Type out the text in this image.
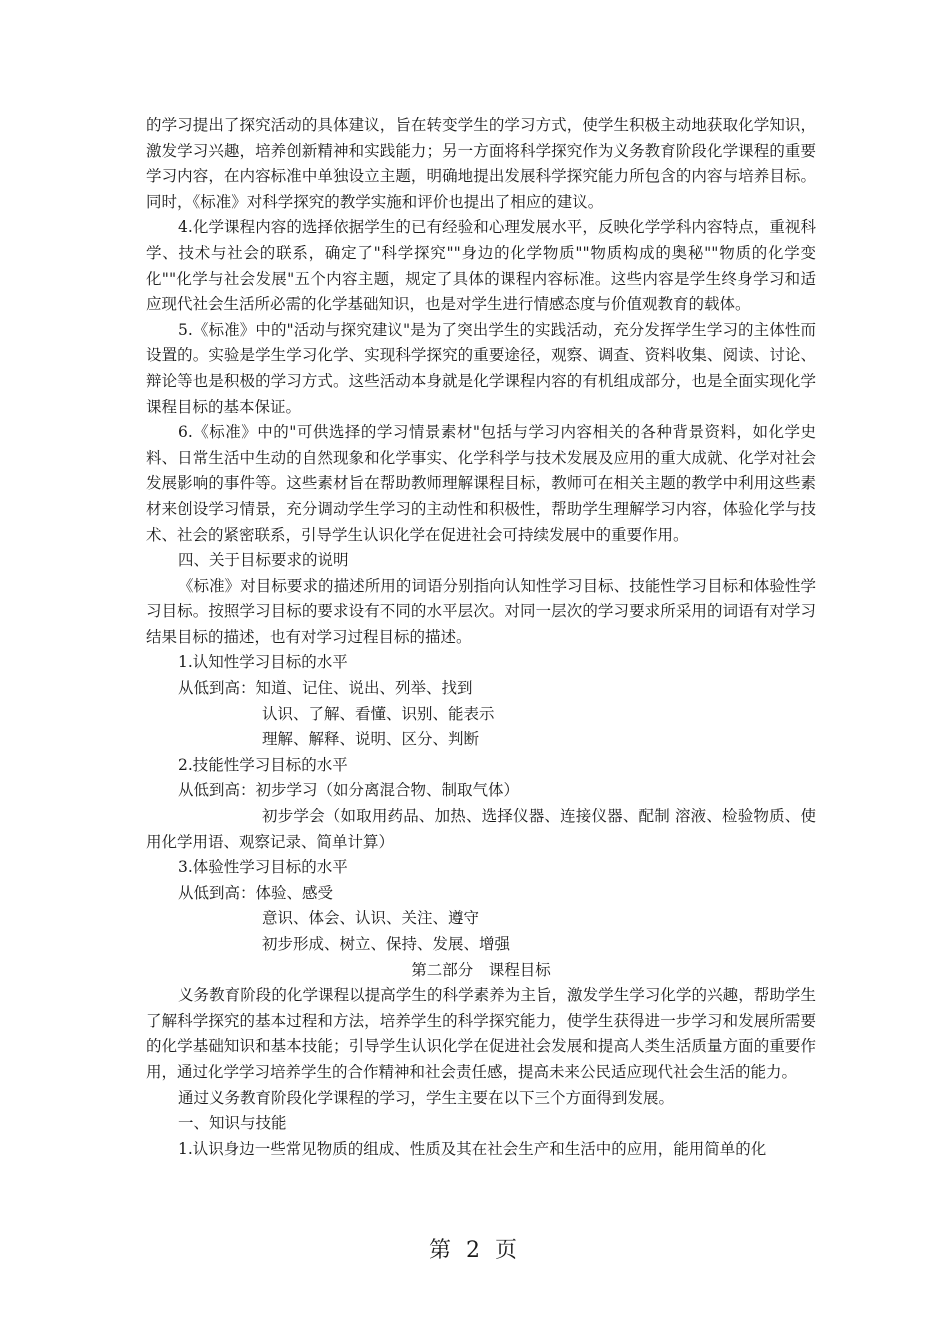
的学习提出了探究活动的具体建议，旨在转变学生的学习方式，使学生积极主动地获取化学知识，激发学习兴趣，培养创新精神和实践能力；另一方面将科学探究作为义务教育阶段化学课程的重要学习内容，在内容标准中单独设立主题，明确地提出发展科学探究能力所包含的内容与培养目标。同时，《标准》对科学探究的教学实施和评价也提出了相应的建议。

4.化学课程内容的选择依据学生的已有经验和心理发展水平，反映化学学科内容特点，重视科学、技术与社会的联系，确定了"科学探究""身边的化学物质""物质构成的奥秘""物质的化学变化""化学与社会发展"五个内容主题，规定了具体的课程内容标准。这些内容是学生终身学习和适应现代社会生活所必需的化学基础知识，也是对学生进行情感态度与价值观教育的载体。

5.《标准》中的"活动与探究建议"是为了突出学生的实践活动，充分发挥学生学习的主体性而设置的。实验是学生学习化学、实现科学探究的重要途径，观察、调查、资料收集、阅读、讨论、辩论等也是积极的学习方式。这些活动本身就是化学课程内容的有机组成部分，也是全面实现化学课程目标的基本保证。

6.《标准》中的"可供选择的学习情景素材"包括与学习内容相关的各种背景资料，如化学史料、日常生活中生动的自然现象和化学事实、化学科学与技术发展及应用的重大成就、化学对社会发展影响的事件等。这些素材旨在帮助教师理解课程目标，教师可在相关主题的教学中利用这些素材来创设学习情景，充分调动学生学习的主动性和积极性，帮助学生理解学习内容，体验化学与技术、社会的紧密联系，引导学生认识化学在促进社会可持续发展中的重要作用。

四、关于目标要求的说明

《标准》对目标要求的描述所用的词语分别指向认知性学习目标、技能性学习目标和体验性学习目标。按照学习目标的要求设有不同的水平层次。对同一层次的学习要求所采用的词语有对学习结果目标的描述，也有对学习过程目标的描述。

1.认知性学习目标的水平

从低到高：知道、记住、说出、列举、找到

认识、了解、看懂、识别、能表示

理解、解释、说明、区分、判断

2.技能性学习目标的水平

从低到高：初步学习（如分离混合物、制取气体）

初步学会（如取用药品、加热、选择仪器、连接仪器、配制 溶液、检验物质、使用化学用语、观察记录、简单计算）

3.体验性学习目标的水平

从低到高：体验、感受

意识、体会、认识、关注、遵守

初步形成、树立、保持、发展、增强

第二部分　课程目标

义务教育阶段的化学课程以提高学生的科学素养为主旨，激发学生学习化学的兴趣，帮助学生了解科学探究的基本过程和方法，培养学生的科学探究能力，使学生获得进一步学习和发展所需要的化学基础知识和基本技能；引导学生认识化学在促进社会发展和提高人类生活质量方面的重要作用，通过化学学习培养学生的合作精神和社会责任感，提高未来公民适应现代社会生活的能力。

通过义务教育阶段化学课程的学习，学生主要在以下三个方面得到发展。

一、知识与技能

1.认识身边一些常见物质的组成、性质及其在社会生产和生活中的应用，能用简单的化

第 2 页
